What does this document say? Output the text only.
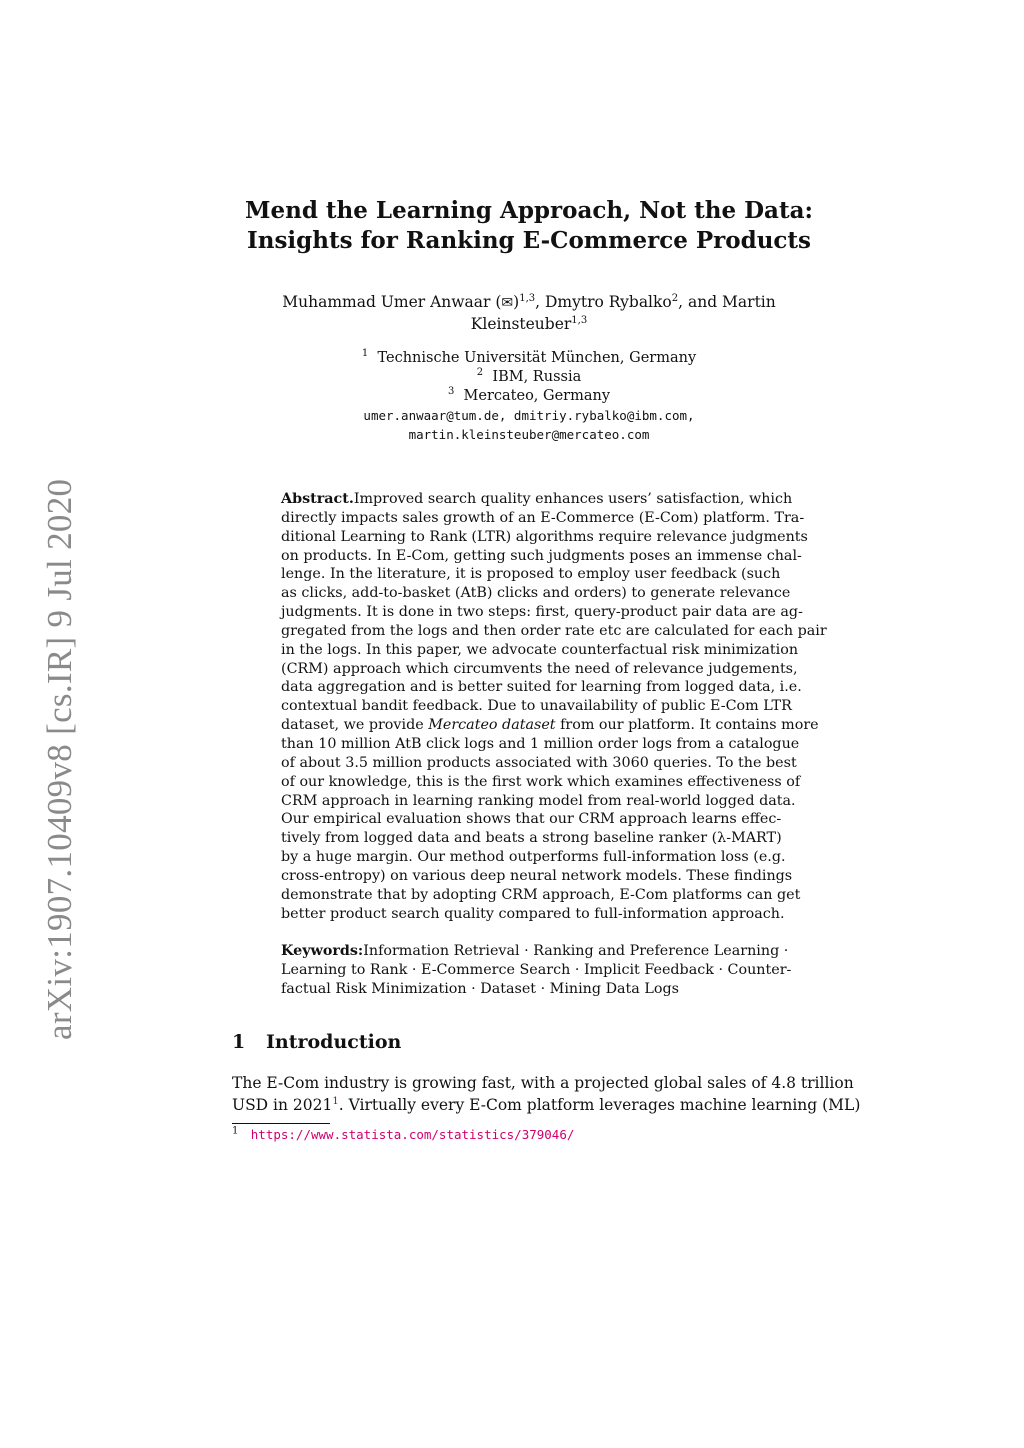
arXiv:1907.10409v8 [cs.IR] 9 Jul 2020
Mend the Learning Approach, Not the Data:
Insights for Ranking E-Commerce Products
Muhammad Umer Anwaar (✉)$^{1,3}$, Dmytro Rybalko$^2$, and Martin
Kleinsteuber$^{1,3}$
$^1$ Technische Universität München, Germany
$^2$ IBM, Russia
$^3$ Mercateo, Germany
umer.anwaar@tum.de, dmitriy.rybalko@ibm.com,
martin.kleinsteuber@mercateo.com
Abstract. Improved search quality enhances users’ satisfaction, which
directly impacts sales growth of an E-Commerce (E-Com) platform. Tra-
ditional Learning to Rank (LTR) algorithms require relevance judgments
on products. In E-Com, getting such judgments poses an immense chal-
lenge. In the literature, it is proposed to employ user feedback (such
as clicks, add-to-basket (AtB) clicks and orders) to generate relevance
judgments. It is done in two steps: first, query-product pair data are ag-
gregated from the logs and then order rate etc are calculated for each pair
in the logs. In this paper, we advocate counterfactual risk minimization
(CRM) approach which circumvents the need of relevance judgements,
data aggregation and is better suited for learning from logged data, i.e.
contextual bandit feedback. Due to unavailability of public E-Com LTR
dataset, we provide Mercateo dataset from our platform. It contains more
than 10 million AtB click logs and 1 million order logs from a catalogue
of about 3.5 million products associated with 3060 queries. To the best
of our knowledge, this is the first work which examines effectiveness of
CRM approach in learning ranking model from real-world logged data.
Our empirical evaluation shows that our CRM approach learns effec-
tively from logged data and beats a strong baseline ranker (λ-MART)
by a huge margin. Our method outperforms full-information loss (e.g.
cross-entropy) on various deep neural network models. These findings
demonstrate that by adopting CRM approach, E-Com platforms can get
better product search quality compared to full-information approach.
Keywords: Information Retrieval · Ranking and Preference Learning ·
Learning to Rank · E-Commerce Search · Implicit Feedback · Counter-
factual Risk Minimization · Dataset · Mining Data Logs
1 Introduction
The E-Com industry is growing fast, with a projected global sales of 4.8 trillion
USD in 2021$^1$. Virtually every E-Com platform leverages machine learning (ML)
$^1$ https://www.statista.com/statistics/379046/
